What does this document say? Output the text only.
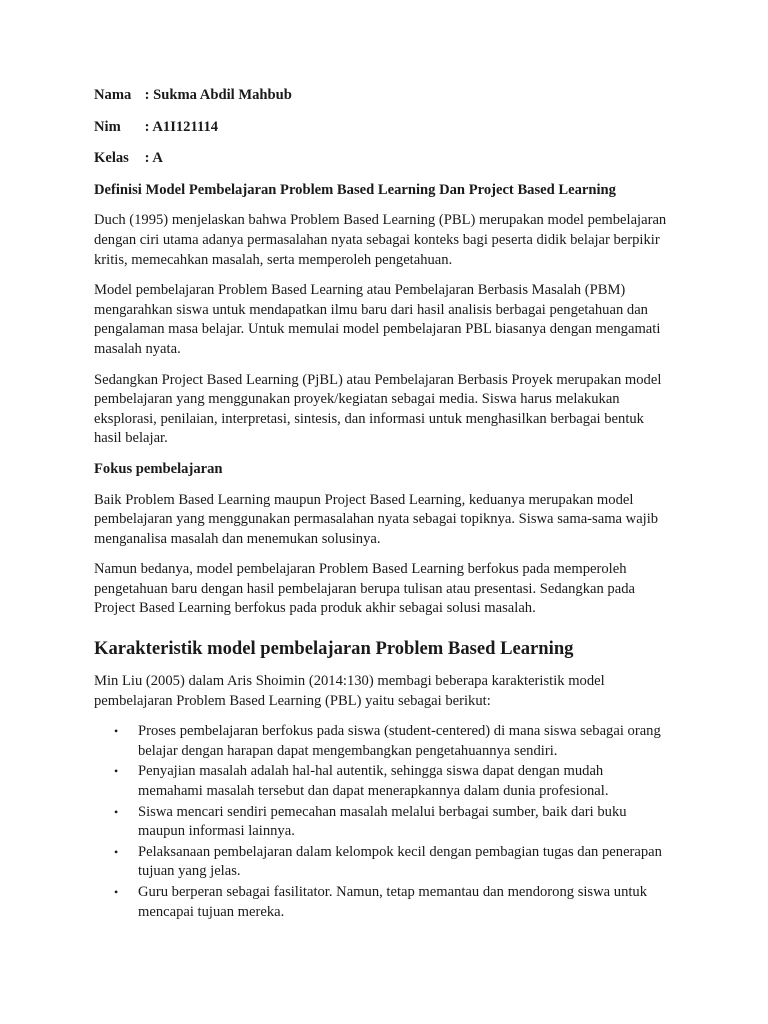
Nama : Sukma Abdil Mahbub
Nim : A1I121114
Kelas : A
Definisi Model Pembelajaran Problem Based Learning Dan Project Based Learning

Duch (1995) menjelaskan bahwa Problem Based Learning (PBL) merupakan model pembelajaran dengan ciri utama adanya permasalahan nyata sebagai konteks bagi peserta didik belajar berpikir kritis, memecahkan masalah, serta memperoleh pengetahuan.

Model pembelajaran Problem Based Learning atau Pembelajaran Berbasis Masalah (PBM) mengarahkan siswa untuk mendapatkan ilmu baru dari hasil analisis berbagai pengetahuan dan pengalaman masa belajar. Untuk memulai model pembelajaran PBL biasanya dengan mengamati masalah nyata.

Sedangkan Project Based Learning (PjBL) atau Pembelajaran Berbasis Proyek merupakan model pembelajaran yang menggunakan proyek/kegiatan sebagai media. Siswa harus melakukan eksplorasi, penilaian, interpretasi, sintesis, dan informasi untuk menghasilkan berbagai bentuk hasil belajar.

Fokus pembelajaran

Baik Problem Based Learning maupun Project Based Learning, keduanya merupakan model pembelajaran yang menggunakan permasalahan nyata sebagai topiknya. Siswa sama-sama wajib menganalisa masalah dan menemukan solusinya.

Namun bedanya, model pembelajaran Problem Based Learning berfokus pada memperoleh pengetahuan baru dengan hasil pembelajaran berupa tulisan atau presentasi. Sedangkan pada Project Based Learning berfokus pada produk akhir sebagai solusi masalah.

Karakteristik model pembelajaran Problem Based Learning

Min Liu (2005) dalam Aris Shoimin (2014:130) membagi beberapa karakteristik model pembelajaran Problem Based Learning (PBL) yaitu sebagai berikut:

• Proses pembelajaran berfokus pada siswa (student-centered) di mana siswa sebagai orang belajar dengan harapan dapat mengembangkan pengetahuannya sendiri.
• Penyajian masalah adalah hal-hal autentik, sehingga siswa dapat dengan mudah memahami masalah tersebut dan dapat menerapkannya dalam dunia profesional.
• Siswa mencari sendiri pemecahan masalah melalui berbagai sumber, baik dari buku maupun informasi lainnya.
• Pelaksanaan pembelajaran dalam kelompok kecil dengan pembagian tugas dan penerapan tujuan yang jelas.
• Guru berperan sebagai fasilitator. Namun, tetap memantau dan mendorong siswa untuk mencapai tujuan mereka.
